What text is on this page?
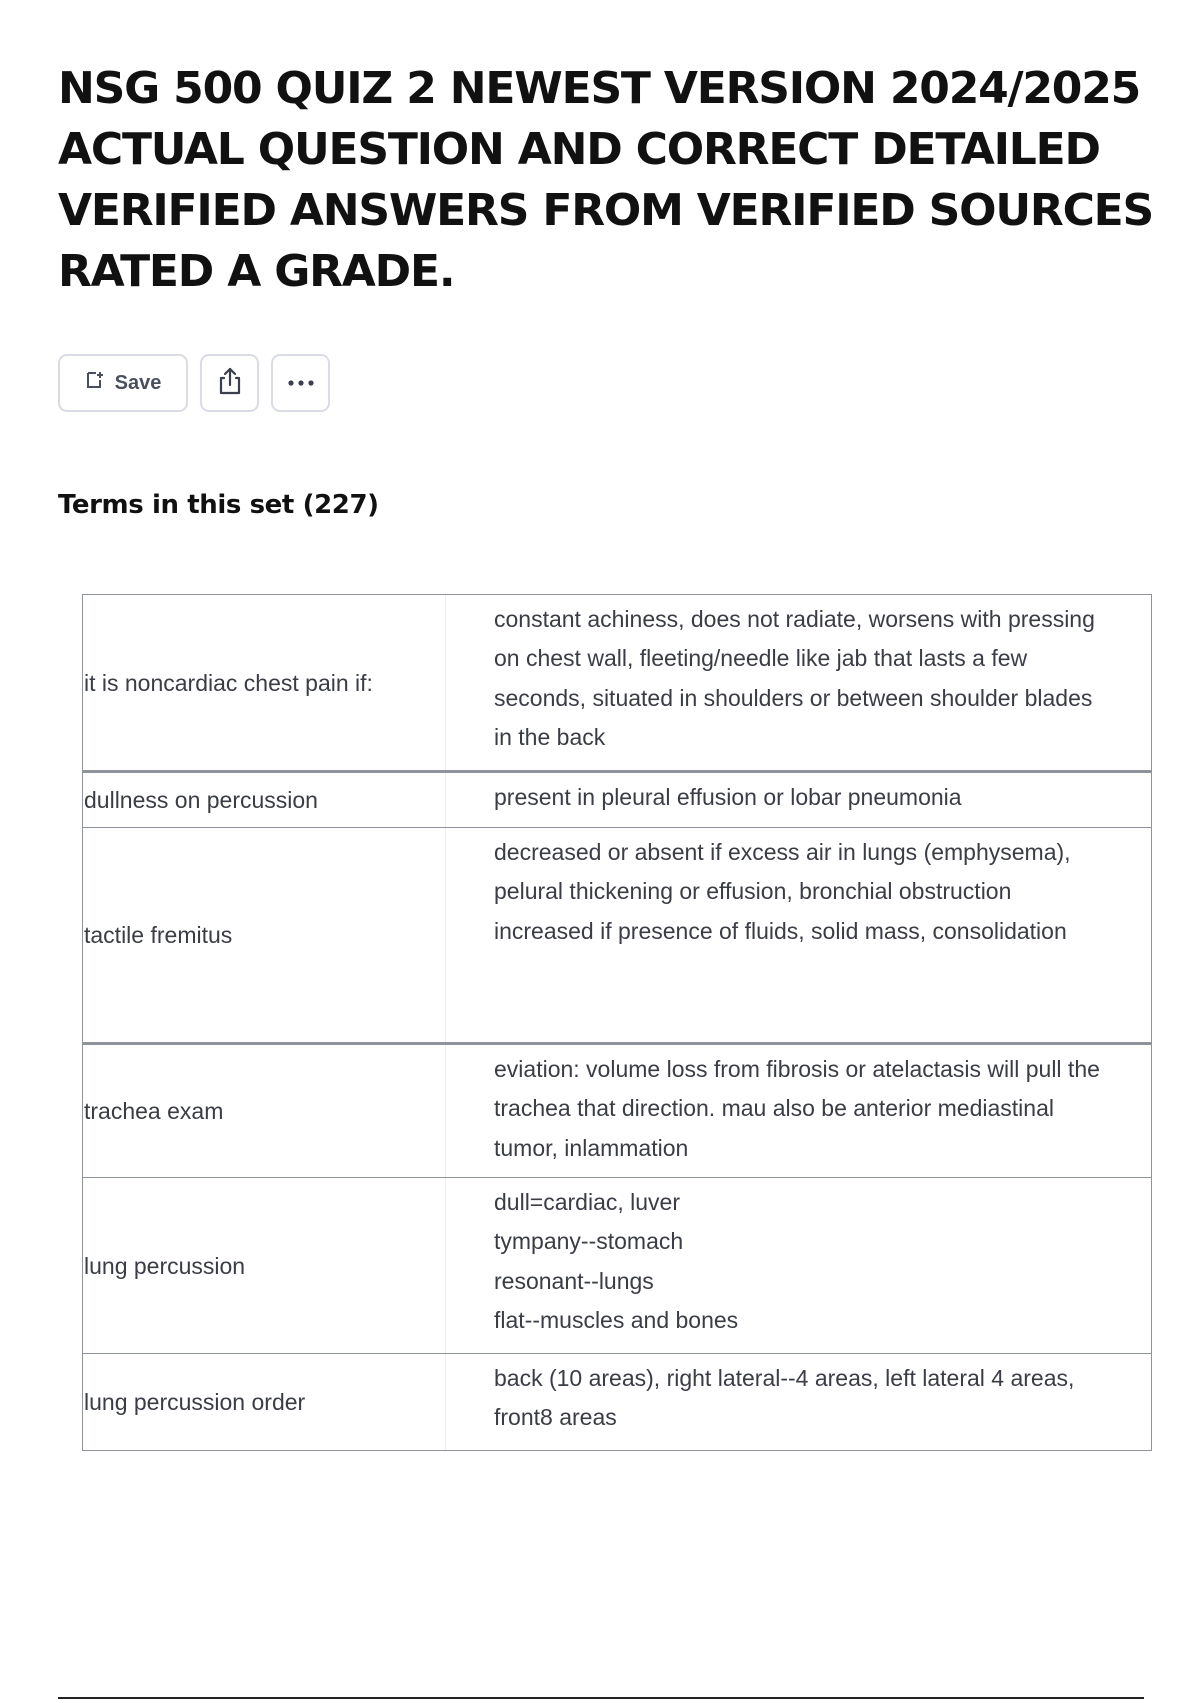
NSG 500 QUIZ 2 NEWEST VERSION 2024/2025 ACTUAL QUESTION AND CORRECT DETAILED VERIFIED ANSWERS FROM VERIFIED SOURCES RATED A GRADE.
Save
Terms in this set (227)
it is noncardiac chest pain if:
constant achiness, does not radiate, worsens with pressing on chest wall, fleeting/needle like jab that lasts a few seconds, situated in shoulders or between shoulder blades in the back
dullness on percussion	present in pleural effusion or lobar pneumonia
tactile fremitus
decreased or absent if excess air in lungs (emphysema), pelural thickening or effusion, bronchial obstruction
increased if presence of fluids, solid mass, consolidation
trachea exam
eviation: volume loss from fibrosis or atelactasis will pull the trachea that direction. mau also be anterior mediastinal tumor, inlammation
lung percussion
dull=cardiac, luver
tympany--stomach
resonant--lungs
flat--muscles and bones
lung percussion order
back (10 areas), right lateral--4 areas, left lateral 4 areas, front8 areas
